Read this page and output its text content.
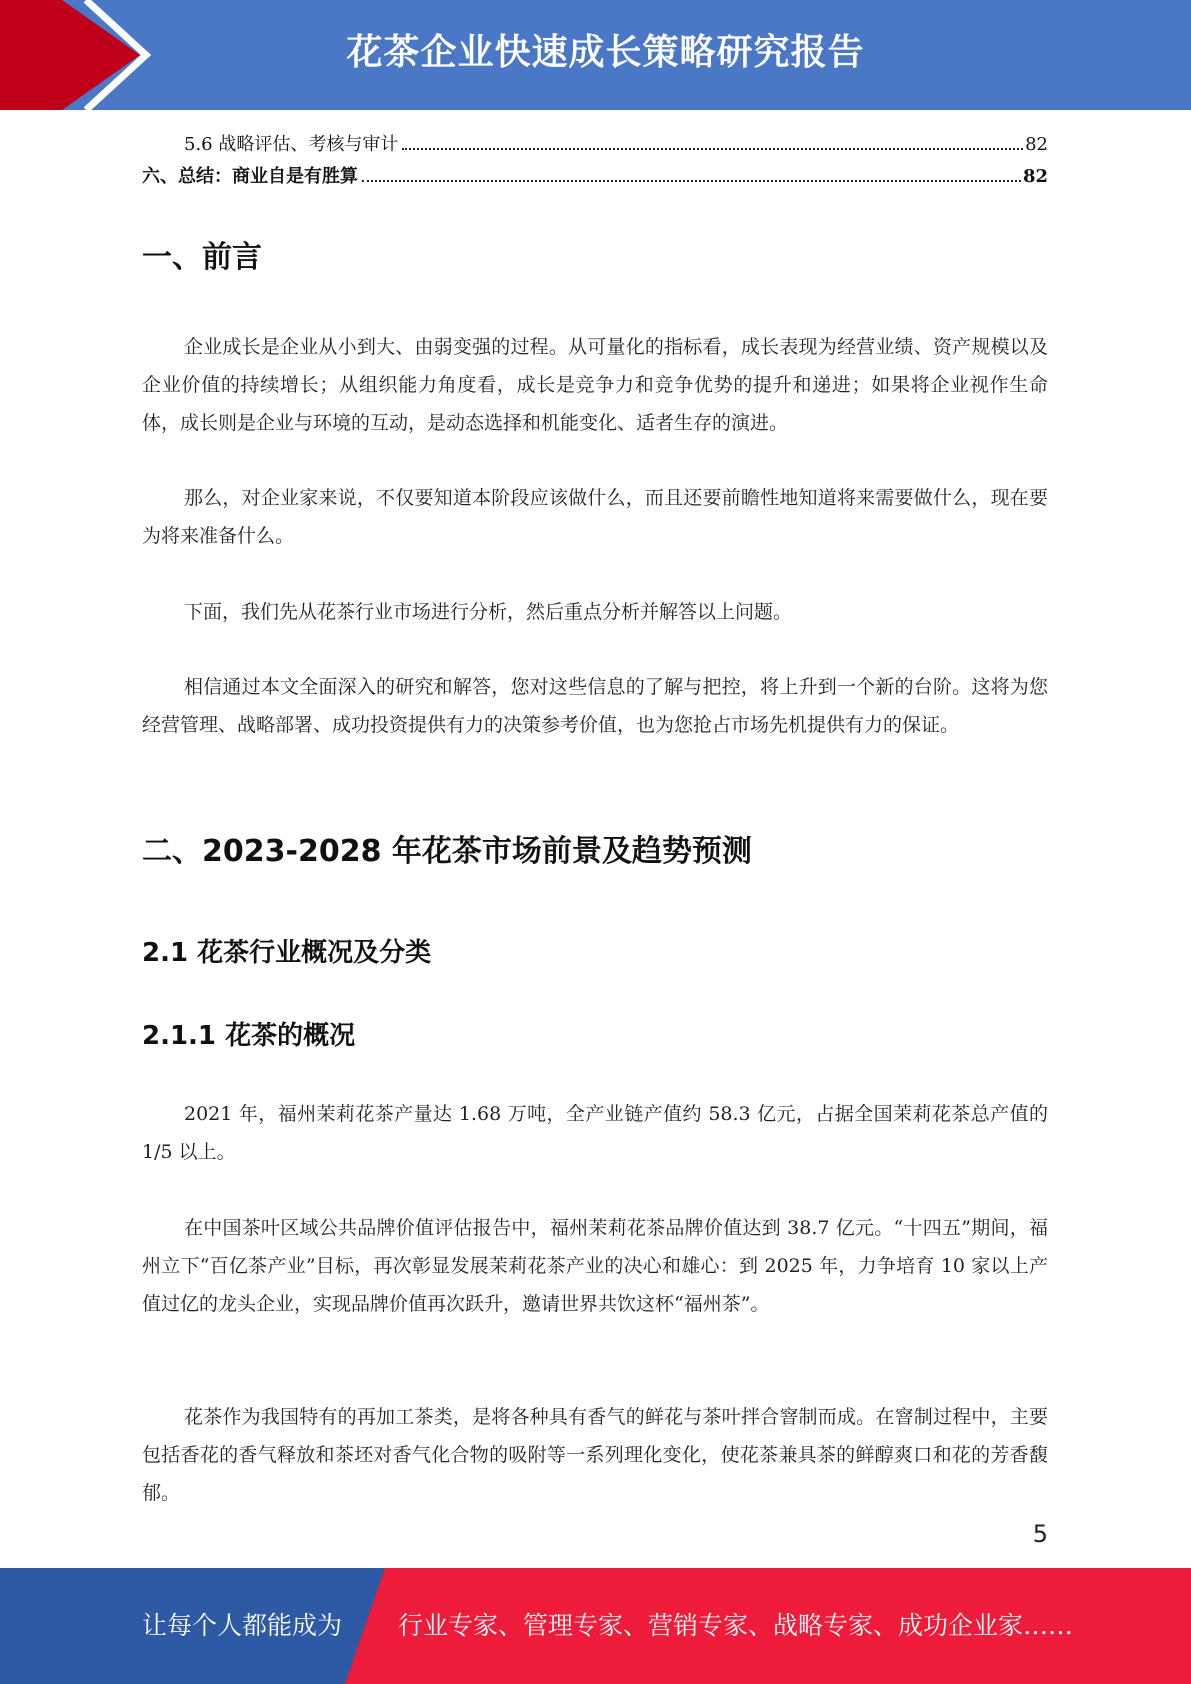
花茶企业快速成长策略研究报告
5.6 战略评估、考核与审计	82
六、总结：商业自是有胜算	82
一、前言
企业成长是企业从小到大、由弱变强的过程。从可量化的指标看，成长表现为经营业绩、资产规模以及企业价值的持续增长；从组织能力角度看，成长是竞争力和竞争优势的提升和递进；如果将企业视作生命体，成长则是企业与环境的互动，是动态选择和机能变化、适者生存的演进。
那么，对企业家来说，不仅要知道本阶段应该做什么，而且还要前瞻性地知道将来需要做什么，现在要为将来准备什么。
下面，我们先从花茶行业市场进行分析，然后重点分析并解答以上问题。
相信通过本文全面深入的研究和解答，您对这些信息的了解与把控，将上升到一个新的台阶。这将为您经营管理、战略部署、成功投资提供有力的决策参考价值，也为您抢占市场先机提供有力的保证。
二、2023-2028 年花茶市场前景及趋势预测
2.1 花茶行业概况及分类
2.1.1 花茶的概况
2021 年，福州茉莉花茶产量达 1.68 万吨，全产业链产值约 58.3 亿元，占据全国茉莉花茶总产值的 1/5 以上。
在中国茶叶区域公共品牌价值评估报告中，福州茉莉花茶品牌价值达到 38.7 亿元。“十四五”期间，福州立下“百亿茶产业”目标，再次彰显发展茉莉花茶产业的决心和雄心：到 2025 年，力争培育 10 家以上产值过亿的龙头企业，实现品牌价值再次跃升，邀请世界共饮这杯“福州茶”。
花茶作为我国特有的再加工茶类，是将各种具有香气的鲜花与茶叶拌合窨制而成。在窨制过程中，主要包括香花的香气释放和茶坯对香气化合物的吸附等一系列理化变化，使花茶兼具茶的鲜醇爽口和花的芳香馥郁。
5
让每个人都能成为 行业专家、管理专家、营销专家、战略专家、成功企业家……
